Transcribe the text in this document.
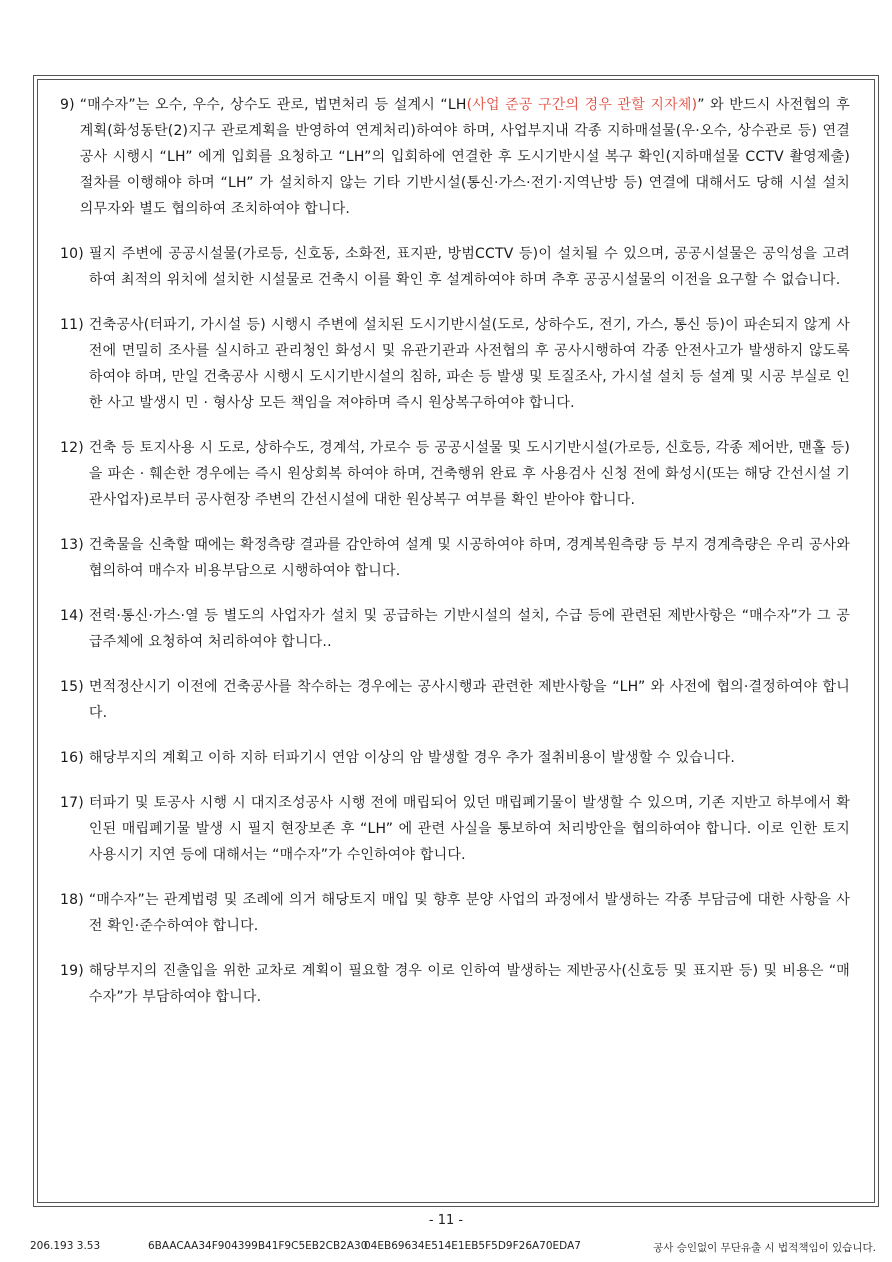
9) “매수자”는 오수, 우수, 상수도 관로, 법면처리 등 설계시 “LH(사업 준공 구간의 경우 관할 지자체)” 와 반드시 사전협의 후 계획(화성동탄(2)지구 관로계획을 반영하여 연계처리)하여야 하며, 사업부지내 각종 지하매설물(우·오수, 상수관로 등) 연결공사 시행시 “LH” 에게 입회를 요청하고 “LH”의 입회하에 연결한 후 도시기반시설 복구 확인(지하매설물 CCTV 촬영제출) 절차를 이행해야 하며 “LH” 가 설치하지 않는 기타 기반시설(통신·가스·전기·지역난방 등) 연결에 대해서도 당해 시설 설치 의무자와 별도 협의하여 조치하여야 합니다.
10) 필지 주변에 공공시설물(가로등, 신호동, 소화전, 표지판, 방범CCTV 등)이 설치될 수 있으며, 공공시설물은 공익성을 고려하여 최적의 위치에 설치한 시설물로 건축시 이를 확인 후 설계하여야 하며 추후 공공시설물의 이전을 요구할 수 없습니다.
11) 건축공사(터파기, 가시설 등) 시행시 주변에 설치된 도시기반시설(도로, 상하수도, 전기, 가스, 통신 등)이 파손되지 않게 사전에 면밀히 조사를 실시하고 관리청인 화성시 및 유관기관과 사전협의 후 공사시행하여 각종 안전사고가 발생하지 않도록 하여야 하며, 만일 건축공사 시행시 도시기반시설의 침하, 파손 등 발생 및 토질조사, 가시설 설치 등 설계 및 시공 부실로 인한 사고 발생시 민 · 형사상 모든 책임을 져야하며 즉시 원상복구하여야 합니다.
12) 건축 등 토지사용 시 도로, 상하수도, 경계석, 가로수 등 공공시설물 및 도시기반시설(가로등, 신호등, 각종 제어반, 맨홀 등)을 파손 · 훼손한 경우에는 즉시 원상회복 하여야 하며, 건축행위 완료 후 사용검사 신청 전에 화성시(또는 해당 간선시설 기관사업자)로부터 공사현장 주변의 간선시설에 대한 원상복구 여부를 확인 받아야 합니다.
13) 건축물을 신축할 때에는 확정측량 결과를 감안하여 설계 및 시공하여야 하며, 경계복원측량 등 부지 경계측량은 우리 공사와 협의하여 매수자 비용부담으로 시행하여야 합니다.
14) 전력·통신·가스·열 등 별도의 사업자가 설치 및 공급하는 기반시설의 설치, 수급 등에 관련된 제반사항은 “매수자”가 그 공급주체에 요청하여 처리하여야 합니다..
15) 면적정산시기 이전에 건축공사를 착수하는 경우에는 공사시행과 관련한 제반사항을 “LH” 와 사전에 협의·결정하여야 합니다.
16) 해당부지의 계획고 이하 지하 터파기시 연암 이상의 암 발생할 경우 추가 절취비용이 발생할 수 있습니다.
17) 터파기 및 토공사 시행 시 대지조성공사 시행 전에 매립되어 있던 매립폐기물이 발생할 수 있으며, 기존 지반고 하부에서 확인된 매립폐기물 발생 시 필지 현장보존 후 “LH” 에 관련 사실을 통보하여 처리방안을 협의하여야 합니다. 이로 인한 토지사용시기 지연 등에 대해서는 “매수자”가 수인하여야 합니다.
18) “매수자”는 관계법령 및 조례에 의거 해당토지 매입 및 향후 분양 사업의 과정에서 발생하는 각종 부담금에 대한 사항을 사전 확인·준수하여야 합니다.
19) 해당부지의 진출입을 위한 교차로 계획이 필요할 경우 이로 인하여 발생하는 제반공사(신호등 및 표지판 등) 및 비용은 “매수자”가 부담하여야 합니다.
- 11 -
206.193 3.53	6BAACAA34F904399B41F9C5EB2CB2A30
04EB69634E514E1EB5F5D9F26A70EDA7	공사 승인없이 무단유출 시 법적책임이 있습니다.
